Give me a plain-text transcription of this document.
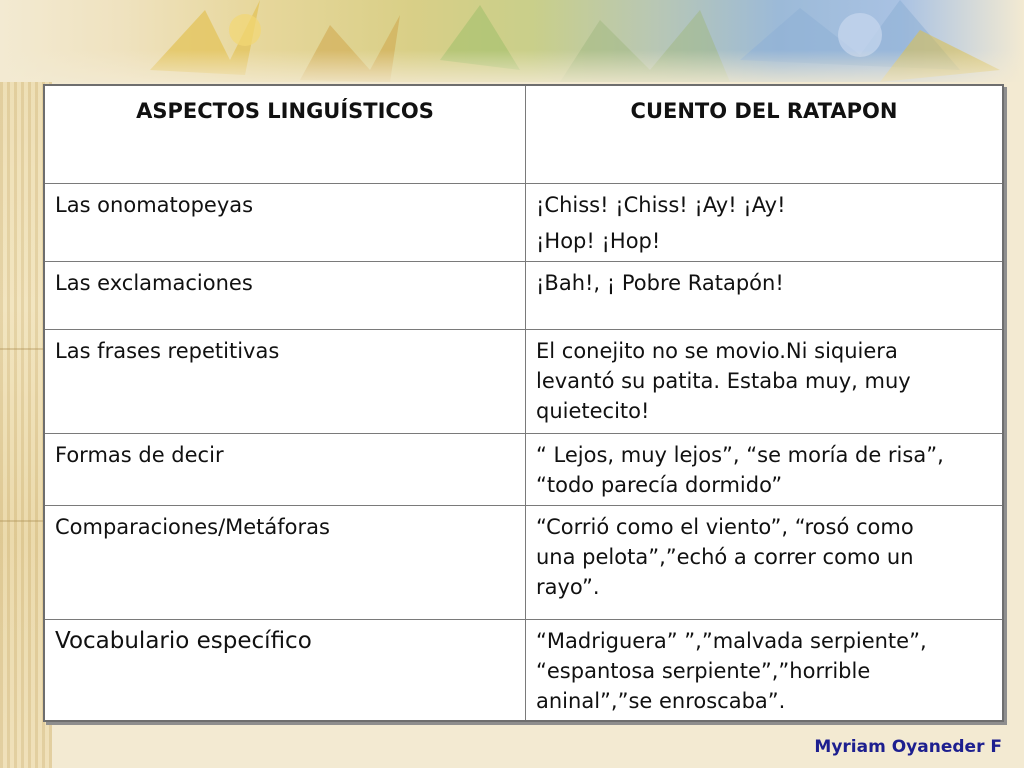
ASPECTOS LINGUÍSTICOS	CUENTO DEL RATAPON
Las onomatopeyas	¡Chiss! ¡Chiss! ¡Ay! ¡Ay!
¡Hop! ¡Hop!

Las exclamaciones	¡Bah!, ¡ Pobre Ratapón!

Las frases repetitivas	El conejito no se movio.Ni siquiera
levantó su patita. Estaba muy, muy
quietecito!

Formas de decir	“ Lejos, muy lejos”, “se moría de risa”,
“todo parecía dormido”

Comparaciones/Metáforas	“Corrió como el viento”, “rosó como
una pelota”,”echó a correr como un
rayo”.

Vocabulario específico	“Madriguera” ”,”malvada serpiente”,
“espantosa serpiente”,”horrible
aninal”,”se enroscaba”.
Myriam Oyaneder F
